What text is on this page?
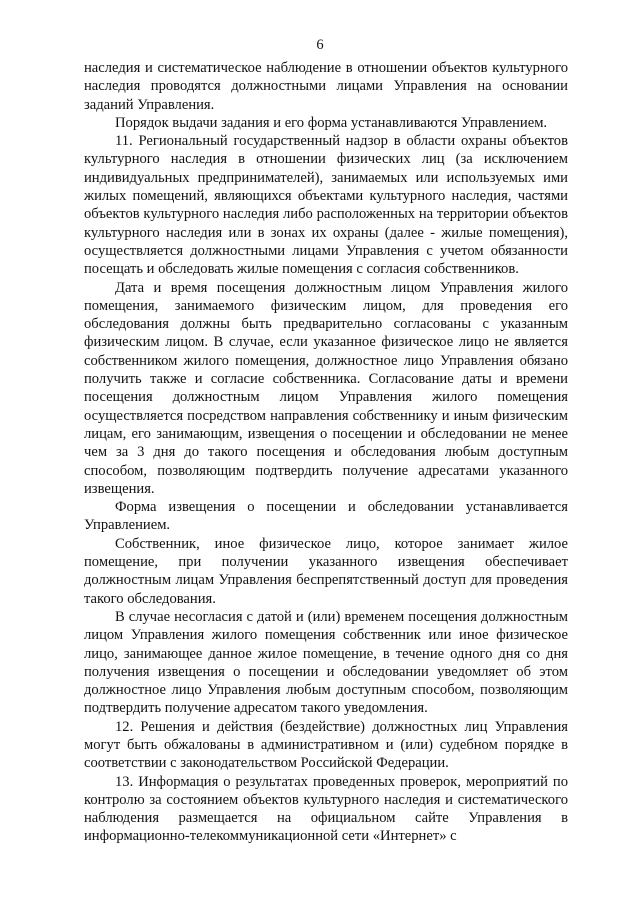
6

наследия и систематическое наблюдение в отношении объектов культурного наследия проводятся должностными лицами Управления на основании заданий Управления.

Порядок выдачи задания и его форма устанавливаются Управлением.

11. Региональный государственный надзор в области охраны объектов культурного наследия в отношении физических лиц (за исключением индивидуальных предпринимателей), занимаемых или используемых ими жилых помещений, являющихся объектами культурного наследия, частями объектов культурного наследия либо расположенных на территории объектов культурного наследия или в зонах их охраны (далее - жилые помещения), осуществляется должностными лицами Управления с учетом обязанности посещать и обследовать жилые помещения с согласия собственников.

Дата и время посещения должностным лицом Управления жилого помещения, занимаемого физическим лицом, для проведения его обследования должны быть предварительно согласованы с указанным физическим лицом. В случае, если указанное физическое лицо не является собственником жилого помещения, должностное лицо Управления обязано получить также и согласие собственника. Согласование даты и времени посещения должностным лицом Управления жилого помещения осуществляется посредством направления собственнику и иным физическим лицам, его занимающим, извещения о посещении и обследовании не менее чем за 3 дня до такого посещения и обследования любым доступным способом, позволяющим подтвердить получение адресатами указанного извещения.

Форма извещения о посещении и обследовании устанавливается Управлением.

Собственник, иное физическое лицо, которое занимает жилое помещение, при получении указанного извещения обеспечивает должностным лицам Управления беспрепятственный доступ для проведения такого обследования.

В случае несогласия с датой и (или) временем посещения должностным лицом Управления жилого помещения собственник или иное физическое лицо, занимающее данное жилое помещение, в течение одного дня со дня получения извещения о посещении и обследовании уведомляет об этом должностное лицо Управления любым доступным способом, позволяющим подтвердить получение адресатом такого уведомления.

12. Решения и действия (бездействие) должностных лиц Управления могут быть обжалованы в административном и (или) судебном порядке в соответствии с законодательством Российской Федерации.

13. Информация о результатах проведенных проверок, мероприятий по контролю за состоянием объектов культурного наследия и систематического наблюдения размещается на официальном сайте Управления в информационно-телекоммуникационной сети «Интернет» с
